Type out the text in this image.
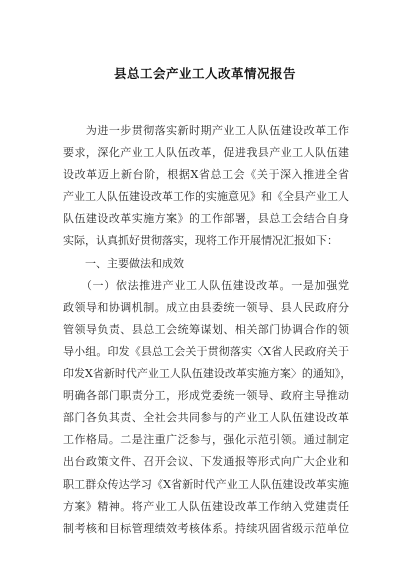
县总工会产业工人改革情况报告
　　为进一步贯彻落实新时期产业工人队伍建设改革工作
要求，深化产业工人队伍改革，促进我县产业工人队伍建
设改革迈上新台阶，根据X省总工会《关于深入推进全省
产业工人队伍建设改革工作的实施意见》和《全县产业工人
队伍建设改革实施方案》的工作部署，县总工会结合自身
实际，认真抓好贯彻落实，现将工作开展情况汇报如下：
　　一、主要做法和成效
　　（一）依法推进产业工人队伍建设改革。一是加强党
政领导和协调机制。成立由县委统一领导、县人民政府分
管领导负责、县总工会统筹谋划、相关部门协调合作的领
导小组。印发《县总工会关于贯彻落实〈X省人民政府关于
印发X省新时代产业工人队伍建设改革实施方案〉的通知》，
明确各部门职责分工，形成党委统一领导、政府主导推动
部门各负其责、全社会共同参与的产业工人队伍建设改革
工作格局。二是注重广泛参与，强化示范引领。通过制定
出台政策文件、召开会议、下发通报等形式向广大企业和
职工群众传达学习《X省新时代产业工人队伍建设改革实施
方案》精神。将产业工人队伍建设改革工作纳入党建责任
制考核和目标管理绩效考核体系。持续巩固省级示范单位
